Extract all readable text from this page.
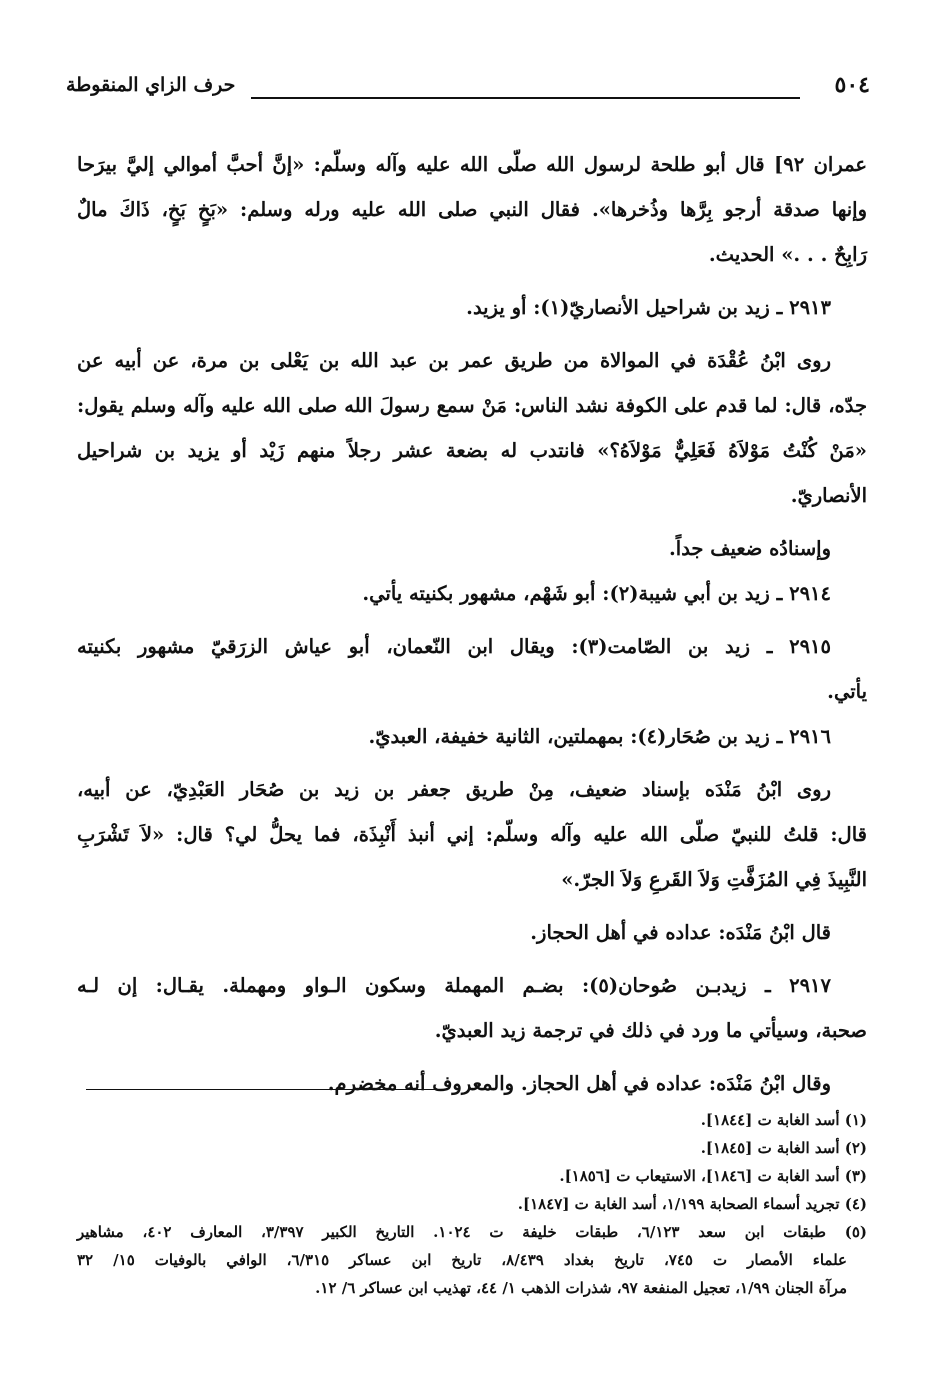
٥٠٤
حرف الزاي المنقوطة
عمران ٩٢] قال أبو طلحة لرسول الله صلّى الله عليه وآله وسلّم: «إنَّ أحبَّ أموالي إليَّ بيرَحا
وإنها صدقة أرجو بِرَّها وذُخرها». فقال النبي صلى الله عليه ورله وسلم: «بَخٍ بَخٍ، ذَاكَ مالٌ
رَابِحٌ . . .» الحديث.
٢٩١٣ ـ زيد بن شراحيل الأنصاريّ(١): أو يزيد.
روى ابْنُ عُقْدَة في الموالاة من طريق عمر بن عبد الله بن يَعْلى بن مرة، عن أبيه عن
جدّه، قال: لما قدم على الكوفة نشد الناس: مَنْ سمع رسولَ الله صلى الله عليه وآله وسلم يقول:
«مَنْ كُنْتُ مَوْلاَهُ فَعَلِيٌّ مَوْلاَهُ؟» فانتدب له بضعة عشر رجلاً منهم زَيْد أو يزيد بن شراحيل
الأنصاريّ.
وإسنادُه ضعيف جداً.
٢٩١٤ ـ زيد بن أبي شيبة(٢): أبو شَهْم، مشهور بكنيته يأتي.
٢٩١٥ ـ زيد بن الصّامت(٣): ويقال ابن النّعمان، أبو عياش الزرَقيّ مشهور بكنيته
يأتي.
٢٩١٦ ـ زيد بن صُحَار(٤): بمهملتين، الثانية خفيفة، العبديّ.
روى ابْنُ مَنْدَه بإسناد ضعيف، مِنْ طريق جعفر بن زيد بن صُحَار العَبْدِيّ، عن أبيه،
قال: قلتُ للنبيّ صلّى الله عليه وآله وسلّم: إني أنبذ أَنْبِذَة، فما يحلُّ لي؟ قال: «لاَ تَشْرَبِ
النَّبِيذَ فِي المُزَفَّتِ وَلاَ القَرعِ وَلاَ الجرّ.»
قال ابْنُ مَنْدَه: عداده في أهل الحجاز.
٢٩١٧ ـ زيدبـن صُوحان(٥): بضـم المهملة وسكون الـواو ومهملة. يقـال: إن لـه
صحبة، وسيأتي ما ورد في ذلك في ترجمة زيد العبديّ.
وقال ابْنُ مَنْدَه: عداده في أهل الحجاز. والمعروف أنه مخضرم.
(١) أسد الغابة ت [١٨٤٤].
(٢) أسد الغابة ت [١٨٤٥].
(٣) أسد الغابة ت [١٨٤٦]، الاستيعاب ت [١٨٥٦].
(٤) تجريد أسماء الصحابة ١/١٩٩، أسد الغابة ت [١٨٤٧].
(٥) طبقات ابن سعد ٦/١٢٣، طبقات خليفة ت ١٠٢٤. التاريخ الكبير ٣/٣٩٧، المعارف ٤٠٢، مشاهير
علماء الأمصار ت ٧٤٥، تاريخ بغداد ٨/٤٣٩، تاريخ ابن عساكر ٦/٣١٥، الوافي بالوفيات ١٥/ ٣٢
مرآة الجنان ١/٩٩، تعجيل المنفعة ٩٧، شذرات الذهب ١/ ٤٤، تهذيب ابن عساكر ٦/ ١٢.
